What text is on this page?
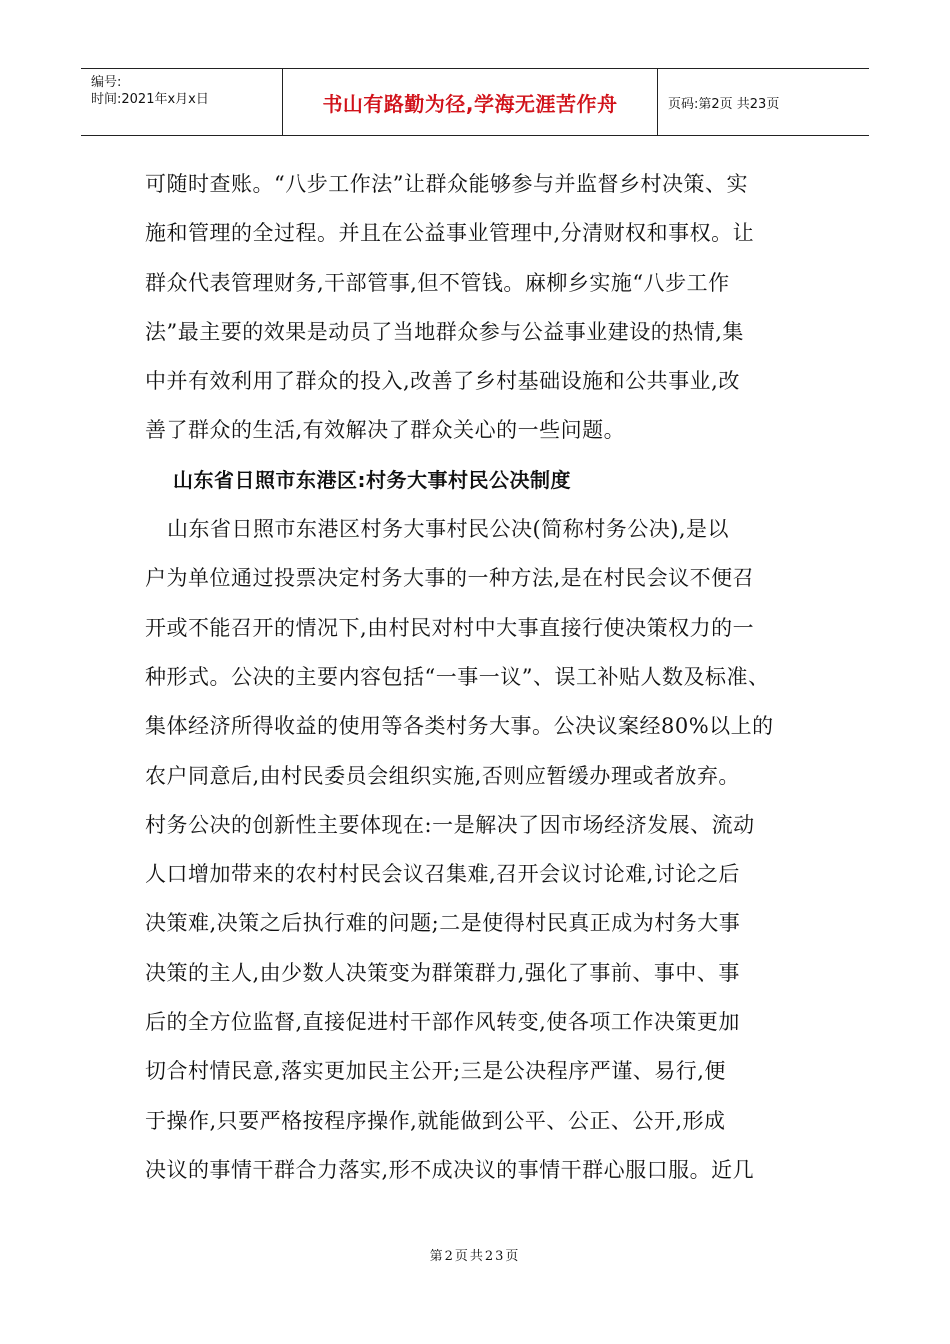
编号:
时间:2021年x月x日	书山有路勤为径,学海无涯苦作舟	页码:第2页 共23页
可随时查账。“八步工作法”让群众能够参与并监督乡村决策、实
施和管理的全过程。并且在公益事业管理中,分清财权和事权。让
群众代表管理财务,干部管事,但不管钱。麻柳乡实施“八步工作
法”最主要的效果是动员了当地群众参与公益事业建设的热情,集
中并有效利用了群众的投入,改善了乡村基础设施和公共事业,改
善了群众的生活,有效解决了群众关心的一些问题。
山东省日照市东港区:村务大事村民公决制度
山东省日照市东港区村务大事村民公决(简称村务公决),是以
户为单位通过投票决定村务大事的一种方法,是在村民会议不便召
开或不能召开的情况下,由村民对村中大事直接行使决策权力的一
种形式。公决的主要内容包括“一事一议”、误工补贴人数及标准、
集体经济所得收益的使用等各类村务大事。公决议案经80%以上的
农户同意后,由村民委员会组织实施,否则应暂缓办理或者放弃。
村务公决的创新性主要体现在:一是解决了因市场经济发展、流动
人口增加带来的农村村民会议召集难,召开会议讨论难,讨论之后
决策难,决策之后执行难的问题;二是使得村民真正成为村务大事
决策的主人,由少数人决策变为群策群力,强化了事前、事中、事
后的全方位监督,直接促进村干部作风转变,使各项工作决策更加
切合村情民意,落实更加民主公开;三是公决程序严谨、易行,便
于操作,只要严格按程序操作,就能做到公平、公正、公开,形成
决议的事情干群合力落实,形不成决议的事情干群心服口服。近几
第2页共23页
